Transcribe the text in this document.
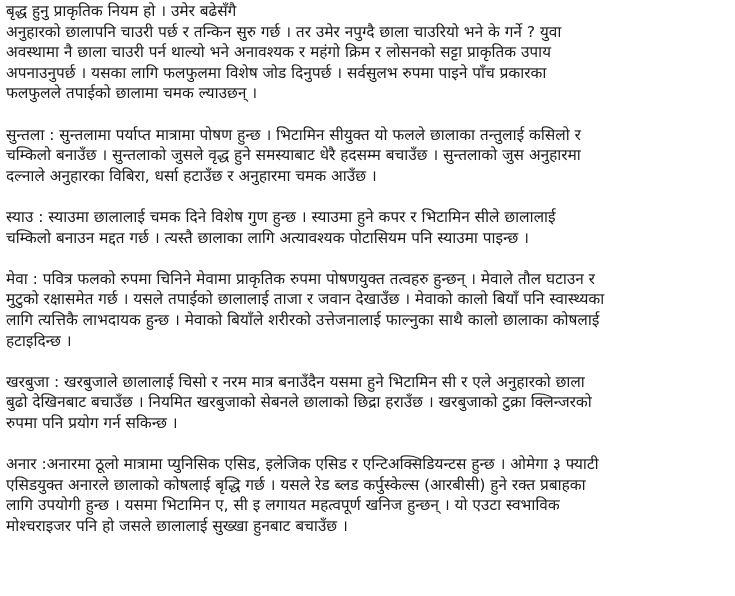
बृद्ध हुनु प्राकृतिक नियम हो । उमेर बढेसँगै
अनुहारको छालापनि चाउरी पर्छ र तन्किन सुरु गर्छ । तर उमेर नपुग्दै छाला चाउरियो भने के गर्ने ? युवा
अवस्थामा नै छाला चाउरी पर्न थाल्यो भने अनावश्यक र महंगो क्रिम र लोसनको सट्टा प्राकृतिक उपाय
अपनाउनुपर्छ । यसका लागि फलफुलमा विशेष जोड दिनुपर्छ । सर्वसुलभ रुपमा पाइने पाँच प्रकारका
फलफुलले तपाईको छालामा चमक ल्याउछन् ।

सुन्तला : सुन्तलामा पर्याप्त मात्रामा पोषण हुन्छ । भिटामिन सीयुक्त यो फलले छालाका तन्तुलाई कसिलो र
चम्किलो बनाउँछ । सुन्तलाको जुसले वृद्ध हुने समस्याबाट धेरै हदसम्म बचाउँछ । सुन्तलाको जुस अनुहारमा
दल्नाले अनुहारका विबिरा, धर्सा हटाउँछ र अनुहारमा चमक आउँछ ।

स्याउ : स्याउमा छालालाई चमक दिने विशेष गुण हुन्छ । स्याउमा हुने कपर र भिटामिन सीले छालालाई
चम्किलो बनाउन मद्दत गर्छ । त्यस्तै छालाका लागि अत्यावश्यक पोटासियम पनि स्याउमा पाइन्छ ।

मेवा : पवित्र फलको रुपमा चिनिने मेवामा प्राकृतिक रुपमा पोषणयुक्त तत्वहरु हुन्छन् । मेवाले तौल घटाउन र
मुटुको रक्षासमेत गर्छ । यसले तपाईको छालालाई ताजा र जवान देखाउँछ । मेवाको कालो बियाँ पनि स्वास्थ्यका
लागि त्यत्तिकै लाभदायक हुन्छ । मेवाको बियाँले शरीरको उत्तेजनालाई फाल्नुका साथै कालो छालाका कोषलाई
हटाइदिन्छ ।

खरबुजा : खरबुजाले छालालाई चिसो र नरम मात्र बनाउँदैन यसमा हुने भिटामिन सी र एले अनुहारको छाला
बुढो देखिनबाट बचाउँछ । नियमित खरबुजाको सेबनले छालाको छिद्रा हराउँछ । खरबुजाको टुक्रा क्लिन्जरको
रुपमा पनि प्रयोग गर्न सकिन्छ ।

अनार :अनारमा ठूलो मात्रामा प्युनिसिक एसिड, इलेजिक एसिड र एन्टिअक्सिडियन्टस हुन्छ । ओमेगा ३ फ्याटी
एसिडयुक्त अनारले छालाको कोषलाई बृद्धि गर्छ । यसले रेड ब्लड कर्पुस्केल्स (आरबीसी) हुने रक्त प्रबाहका
लागि उपयोगी हुन्छ । यसमा भिटामिन ए, सी इ लगायत महत्वपूर्ण खनिज हुन्छन् । यो एउटा स्वभाविक
मोश्चराइजर पनि हो जसले छालालाई सुख्खा हुनबाट बचाउँछ ।
